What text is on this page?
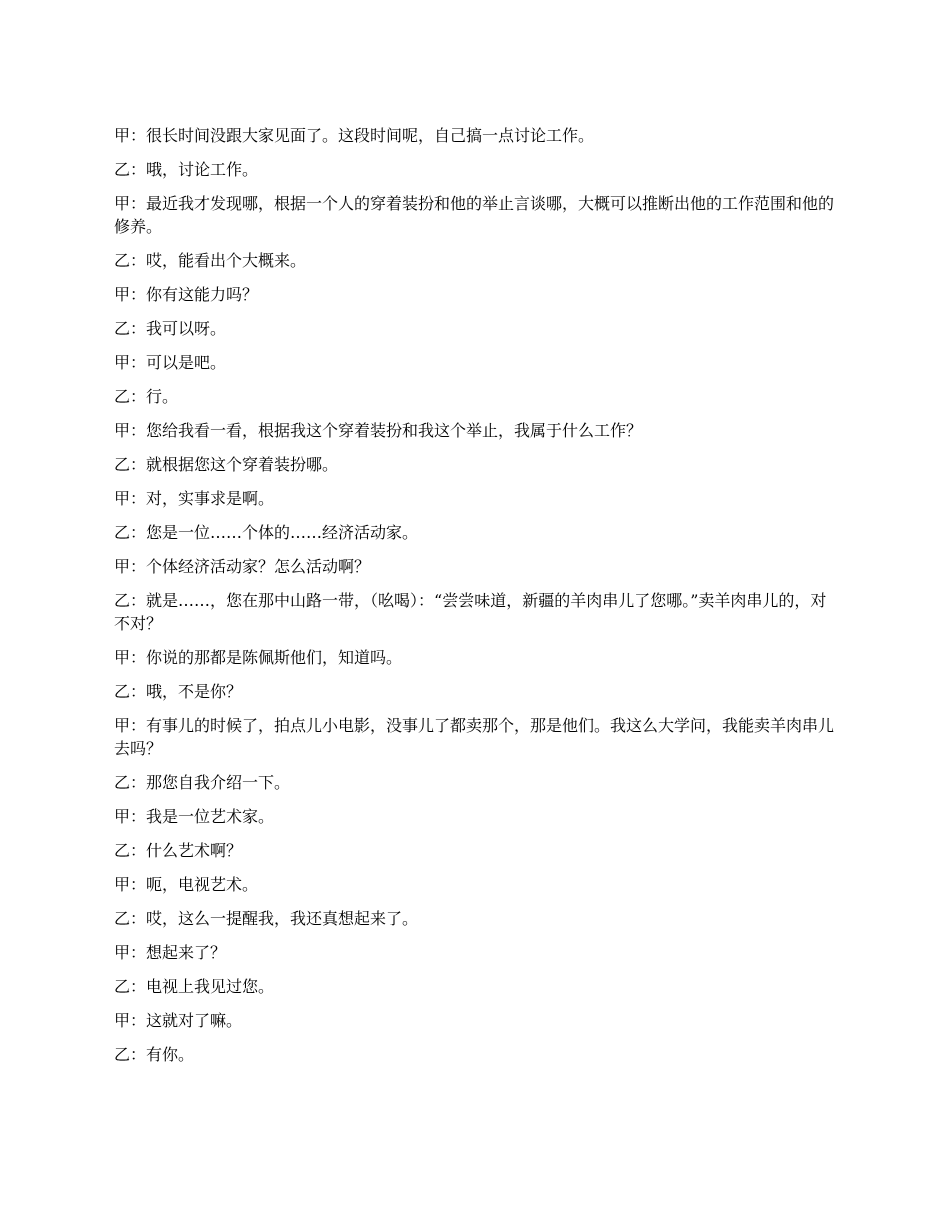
甲：很长时间没跟大家见面了。这段时间呢，自己搞一点讨论工作。

乙：哦，讨论工作。

甲：最近我才发现哪，根据一个人的穿着装扮和他的举止言谈哪，大概可以推断出他的工作范围和他的修养。

乙：哎，能看出个大概来。

甲：你有这能力吗？

乙：我可以呀。

甲：可以是吧。

乙：行。

甲：您给我看一看，根据我这个穿着装扮和我这个举止，我属于什么工作？

乙：就根据您这个穿着装扮哪。

甲：对，实事求是啊。

乙：您是一位……个体的……经济活动家。

甲：个体经济活动家？怎么活动啊？

乙：就是……，您在那中山路一带，（吆喝）：“尝尝味道，新疆的羊肉串儿了您哪。”卖羊肉串儿的，对不对？

甲：你说的那都是陈佩斯他们，知道吗。

乙：哦，不是你？

甲：有事儿的时候了，拍点儿小电影，没事儿了都卖那个，那是他们。我这么大学问，我能卖羊肉串儿去吗？

乙：那您自我介绍一下。

甲：我是一位艺术家。

乙：什么艺术啊？

甲：呃，电视艺术。

乙：哎，这么一提醒我，我还真想起来了。

甲：想起来了？

乙：电视上我见过您。

甲：这就对了嘛。

乙：有你。
